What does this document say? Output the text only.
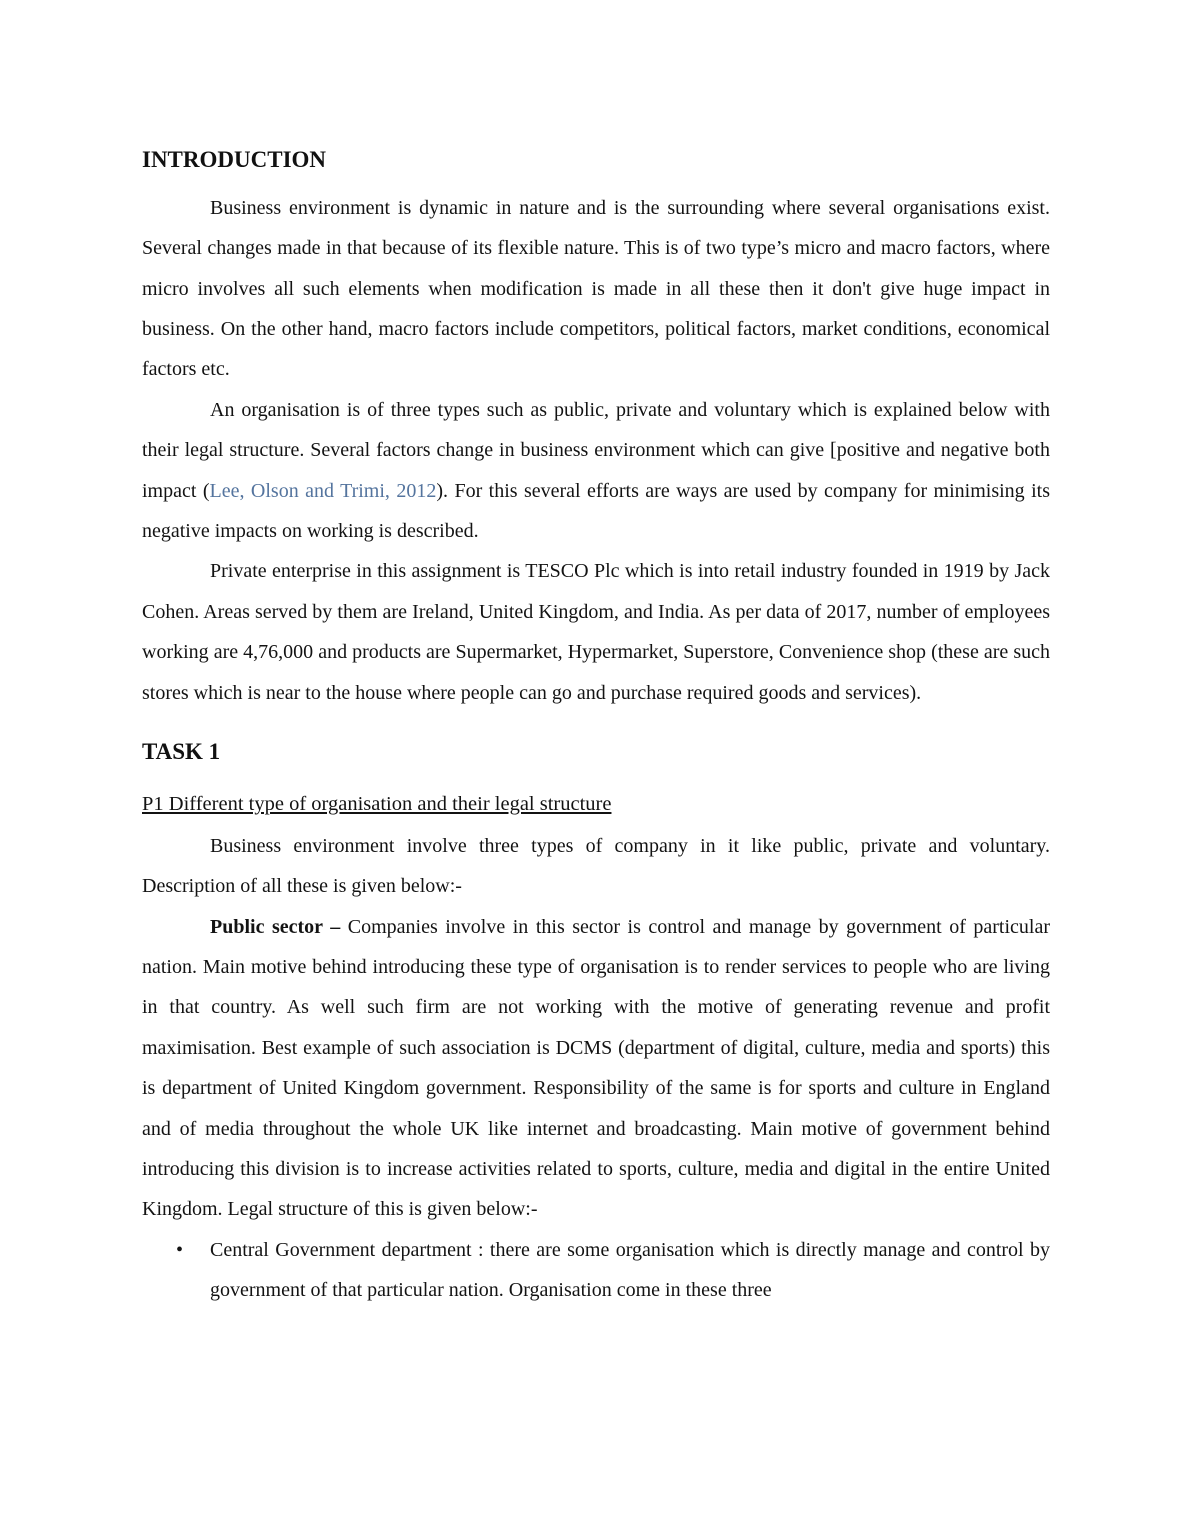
INTRODUCTION

Business environment is dynamic in nature and is the surrounding where several organisations exist. Several changes made in that because of its flexible nature. This is of two type’s micro and macro factors, where micro involves all such elements when modification is made in all these then it don't give huge impact in business. On the other hand, macro factors include competitors, political factors, market conditions, economical factors etc.

An organisation is of three types such as public, private and voluntary which is explained below with their legal structure. Several factors change in business environment which can give [positive and negative both impact (Lee, Olson and Trimi, 2012). For this several efforts are ways are used by company for minimising its negative impacts on working is described.

Private enterprise in this assignment is TESCO Plc which is into retail industry founded in 1919 by Jack Cohen. Areas served by them are Ireland, United Kingdom, and India. As per data of 2017, number of employees working are 4,76,000 and products are Supermarket, Hypermarket, Superstore, Convenience shop (these are such stores which is near to the house where people can go and purchase required goods and services).

TASK 1
P1 Different type of organisation and their legal structure

Business environment involve three types of company in it like public, private and voluntary. Description of all these is given below:-

Public sector – Companies involve in this sector is control and manage by government of particular nation. Main motive behind introducing these type of organisation is to render services to people who are living in that country. As well such firm are not working with the motive of generating revenue and profit maximisation. Best example of such association is DCMS (department of digital, culture, media and sports) this is department of United Kingdom government. Responsibility of the same is for sports and culture in England and of media throughout the whole UK like internet and broadcasting. Main motive of government behind introducing this division is to increase activities related to sports, culture, media and digital in the entire United Kingdom. Legal structure of this is given below:-

•	Central Government department : there are some organisation which is directly manage and control by government of that particular nation. Organisation come in these three
